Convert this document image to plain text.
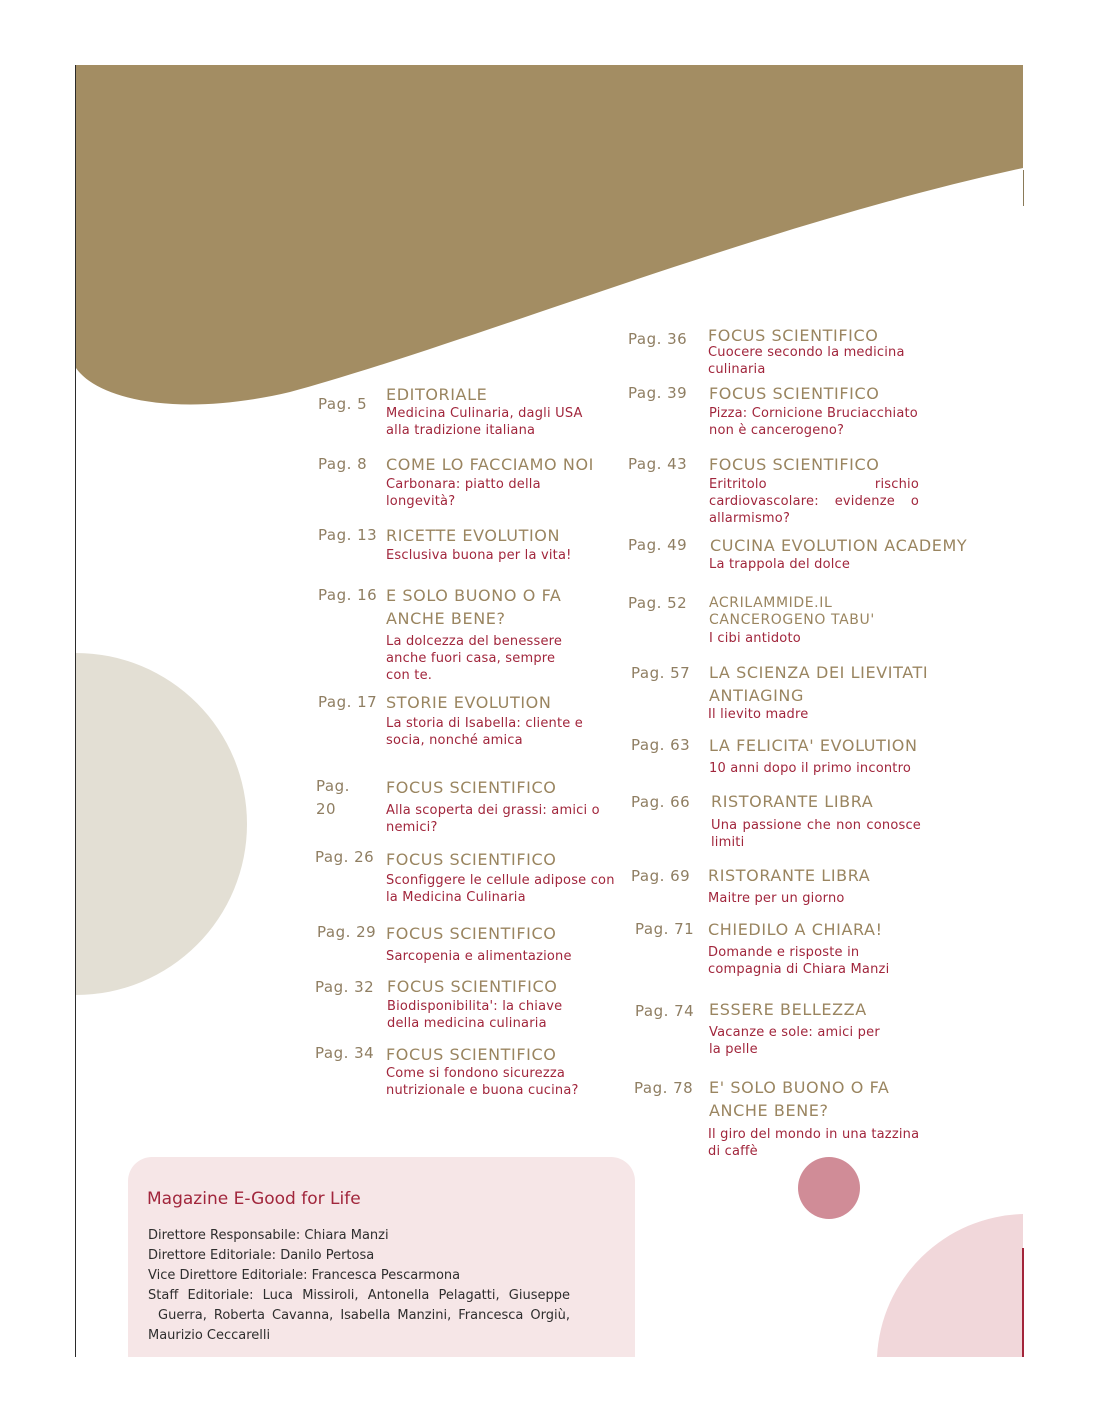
Pag. 5 EDITORIALE
Medicina Culinaria, dagli USA alla tradizione italiana
Pag. 8 COME LO FACCIAMO NOI
Carbonara: piatto della longevità?
Pag. 13 RICETTE EVOLUTION
Esclusiva buona per la vita!
Pag. 16 E SOLO BUONO O FA ANCHE BENE?
La dolcezza del benessere anche fuori casa, sempre con te.
Pag. 17 STORIE EVOLUTION
La storia di Isabella: cliente e socia, nonché amica
Pag. 20
FOCUS SCIENTIFICO
Alla scoperta dei grassi: amici o nemici?
Pag. 26 FOCUS SCIENTIFICO
Sconfiggere le cellule adipose con la Medicina Culinaria
Pag. 29 FOCUS SCIENTIFICO
Sarcopenia e alimentazione
Pag. 32 FOCUS SCIENTIFICO
Biodisponibilita': la chiave della medicina culinaria
Pag. 34 FOCUS SCIENTIFICO
Come si fondono sicurezza nutrizionale e buona cucina?
Pag. 36 FOCUS SCIENTIFICO
Cuocere secondo la medicina culinaria
Pag. 39 FOCUS SCIENTIFICO
Pizza: Cornicione Bruciacchiato non è cancerogeno?
Pag. 43 FOCUS SCIENTIFICO
Eritritolo rischio cardiovascolare: evidenze o allarmismo?
Pag. 49 CUCINA EVOLUTION ACADEMY
La trappola del dolce
Pag. 52 ACRILAMMIDE.IL CANCEROGENO TABU'
I cibi antidoto
Pag. 57 LA SCIENZA DEI LIEVITATI ANTIAGING
Il lievito madre
Pag. 63 LA FELICITA' EVOLUTION
10 anni dopo il primo incontro
Pag. 66 RISTORANTE LIBRA
Una passione che non conosce limiti
Pag. 69 RISTORANTE LIBRA
Maitre per un giorno
Pag. 71 CHIEDILO A CHIARA!
Domande e risposte in compagnia di Chiara Manzi
Pag. 74 ESSERE BELLEZZA
Vacanze e sole: amici per la pelle
Pag. 78 E' SOLO BUONO O FA ANCHE BENE?
Il giro del mondo in una tazzina di caffè
Magazine E-Good for Life
Direttore Responsabile: Chiara Manzi
Direttore Editoriale: Danilo Pertosa
Vice Direttore Editoriale: Francesca Pescarmona
Staff Editoriale: Luca Missiroli, Antonella Pelagatti, Giuseppe
Guerra, Roberta Cavanna, Isabella Manzini, Francesca Orgiù,
Maurizio Ceccarelli
